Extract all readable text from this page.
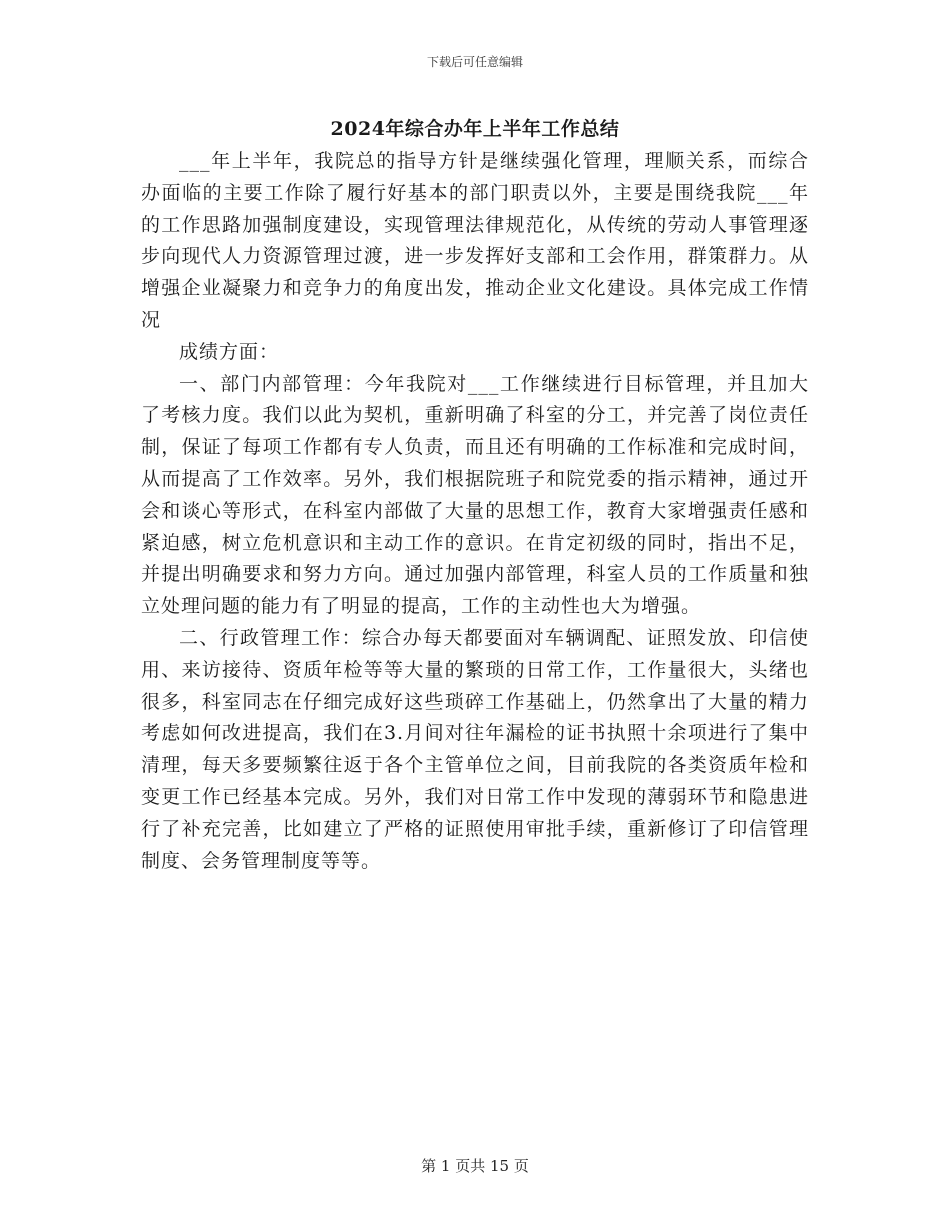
下载后可任意编辑
2024年综合办年上半年工作总结

___年上半年，我院总的指导方针是继续强化管理，理顺关系，而综合办面临的主要工作除了履行好基本的部门职责以外，主要是围绕我院___年的工作思路加强制度建设，实现管理法律规范化，从传统的劳动人事管理逐步向现代人力资源管理过渡，进一步发挥好支部和工会作用，群策群力。从增强企业凝聚力和竞争力的角度出发，推动企业文化建设。具体完成工作情况

成绩方面：

一、部门内部管理：今年我院对___工作继续进行目标管理，并且加大了考核力度。我们以此为契机，重新明确了科室的分工，并完善了岗位责任制，保证了每项工作都有专人负责，而且还有明确的工作标准和完成时间，从而提高了工作效率。另外，我们根据院班子和院党委的指示精神，通过开会和谈心等形式，在科室内部做了大量的思想工作，教育大家增强责任感和紧迫感，树立危机意识和主动工作的意识。在肯定初级的同时，指出不足，并提出明确要求和努力方向。通过加强内部管理，科室人员的工作质量和独立处理问题的能力有了明显的提高，工作的主动性也大为增强。

二、行政管理工作：综合办每天都要面对车辆调配、证照发放、印信使用、来访接待、资质年检等等大量的繁琐的日常工作，工作量很大，头绪也很多，科室同志在仔细完成好这些琐碎工作基础上，仍然拿出了大量的精力考虑如何改进提高，我们在3.月间对往年漏检的证书执照十余项进行了集中清理，每天多要频繁往返于各个主管单位之间，目前我院的各类资质年检和变更工作已经基本完成。另外，我们对日常工作中发现的薄弱环节和隐患进行了补充完善，比如建立了严格的证照使用审批手续，重新修订了印信管理制度、会务管理制度等等。

第 1 页共 15 页
